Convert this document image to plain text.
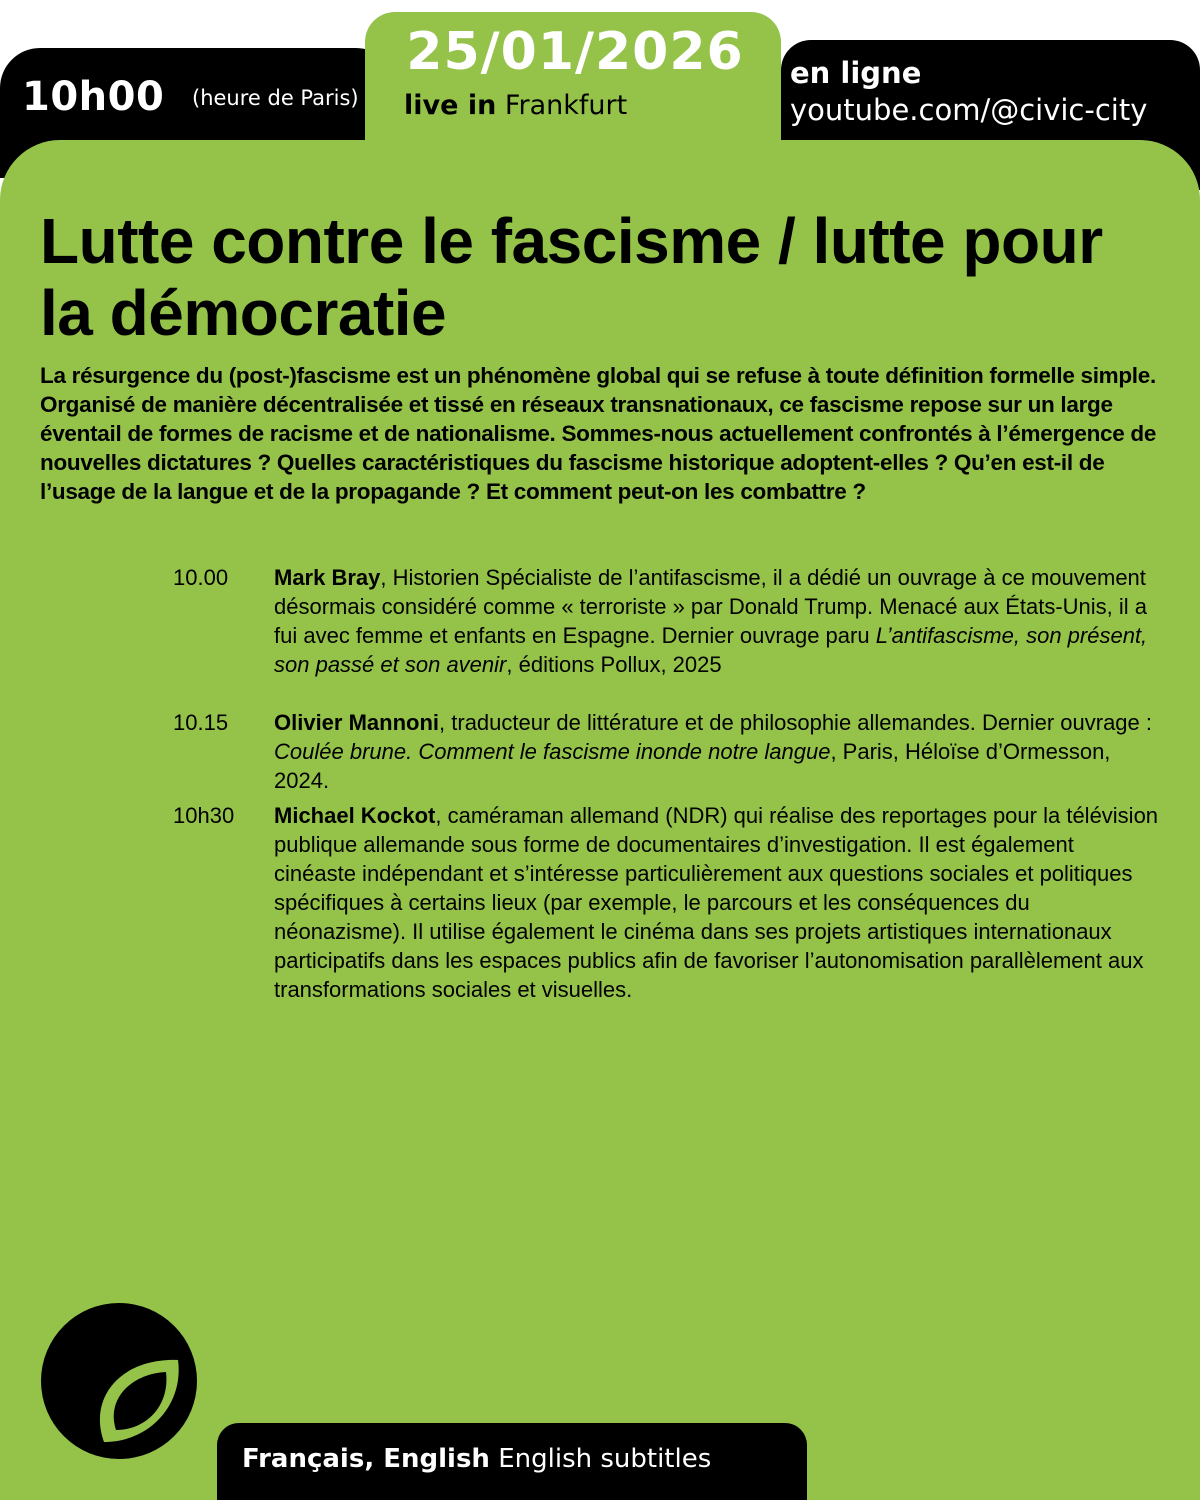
10h00 (heure de Paris)
25/01/2026
live in Frankfurt
en ligne
youtube.com/@civic-city
Lutte contre le fascisme / lutte pour la démocratie

La résurgence du (post-)fascisme est un phénomène global qui se refuse à toute définition formelle simple. Organisé de manière décentralisée et tissé en réseaux transnationaux, ce fascisme repose sur un large éventail de formes de racisme et de nationalisme. Sommes-nous actuellement confrontés à l’émergence de nouvelles dictatures ? Quelles caractéristiques du fascisme historique adoptent-elles ? Qu’en est-il de l’usage de la langue et de la propagande ? Et comment peut-on les combattre ?

10.00 Mark Bray, Historien Spécialiste de l’antifascisme, il a dédié un ouvrage à ce mouvement désormais considéré comme « terroriste » par Donald Trump. Menacé aux États-Unis, il a fui avec femme et enfants en Espagne. Dernier ouvrage paru L’antifascisme, son présent, son passé et son avenir, éditions Pollux, 2025
10.15 Olivier Mannoni, traducteur de littérature et de philosophie allemandes. Dernier ouvrage : Coulée brune. Comment le fascisme inonde notre langue, Paris, Héloïse d’Ormesson, 2024.
10h30 Michael Kockot, caméraman allemand (NDR) qui réalise des reportages pour la télévision publique allemande sous forme de documentaires d’investigation. Il est également cinéaste indépendant et s’intéresse particulièrement aux questions sociales et politiques spécifiques à certains lieux (par exemple, le parcours et les conséquences du néonazisme). Il utilise également le cinéma dans ses projets artistiques internationaux participatifs dans les espaces publics afin de favoriser l’autonomisation parallèlement aux transformations sociales et visuelles.
Français, English English subtitles
